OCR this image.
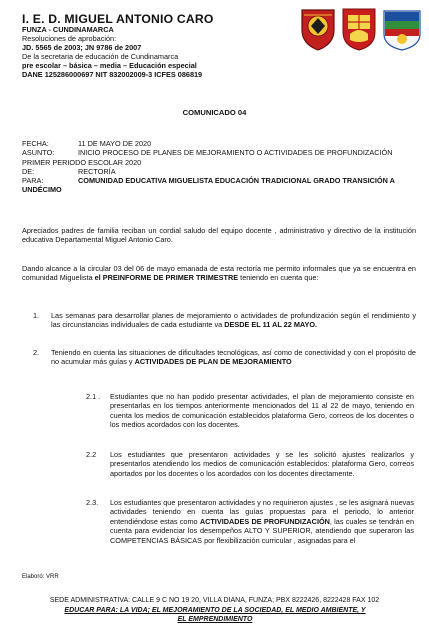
I. E. D. MIGUEL ANTONIO CARO
FUNZA - CUNDINAMARCA
Resoluciones de aprobación:
JD. 5565 de 2003; JN 9786 de 2007
De la secretaria de educación de Cundinamarca
pre escolar – básica – media – Educación especial
DANE 125286000697 NIT 832002009-3 ICFES 086819
COMUNICADO 04
FECHA:	11 DE MAYO DE 2020
ASUNTO:	INICIO PROCESO DE PLANES DE MEJORAMIENTO O ACTIVIDADES DE PROFUNDIZACIÓN PRIMER PERIODO ESCOLAR 2020
DE:	RECTORÍA
PARA:	COMUNIDAD EDUCATIVA MIGUELISTA EDUCACIÓN TRADICIONAL GRADO TRANSICIÓN A UNDÉCIMO
Apreciados padres de familia reciban un cordial saludo del equipo docente , administrativo y directivo de la institución educativa Departamental Miguel Antonio Caro.
Dando alcance a la circular 03 del 06 de mayo emanada de esta rectoría me permito informales que ya se encuentra en comunidad Miguelista el PREINFORME DE PRIMER TRIMESTRE teniendo en cuenta que:
1. Las semanas para desarrollar planes de mejoramiento o actividades de profundización según el rendimiento y las circunstancias individuales de cada estudiante va DESDE EL 11 AL 22 MAYO.
2. Teniendo en cuenta las situaciones de dificultades tecnológicas, así como de conectividad y con el propósito de no acumular más guías y ACTIVIDADES DE PLAN DE MEJORAMIENTO
2.1 . Estudiantes que no han podido presentar actividades, el plan de mejoramiento consiste en presentarlas en los tiempos anteriormente mencionados del 11 al 22 de mayo, teniendo en cuenta los medios de comunicación establecidos plataforma Gero, correos de los docentes o los medios acordados con los docentes.
2.2 Los estudiantes que presentaron actividades y se les solicitó ajustes realizarlos y presentarlos atendiendo los medios de comunicación establecidos: plataforma Gero, correos aportados por los docentes o los acordados con los docentes directamente.
2.3. Los estudiantes que presentaron actividades y no requirieron ajustes , se les asignará nuevas actividades teniendo en cuenta las guías propuestas para el periodo, lo anterior entendiéndose estas como ACTIVIDADES DE PROFUNDIZACIÓN, las cuales se tendrán en cuenta para evidenciar los desempeños ALTO Y SUPERIOR, atendiendo que superaron las COMPETENCIAS BÁSICAS por flexibilización curricular , asignadas para el
Elaboró: VRR
SEDE ADMINISTRATIVA: CALLE 9 C NO 19 20, VILLA DIANA, FUNZA; PBX 8222426, 8222428 FAX 102
EDUCAR PARA: LA VIDA; EL MEJORAMIENTO DE LA SOCIEDAD, EL MEDIO AMBIENTE, Y EL EMPRENDIMIENTO
